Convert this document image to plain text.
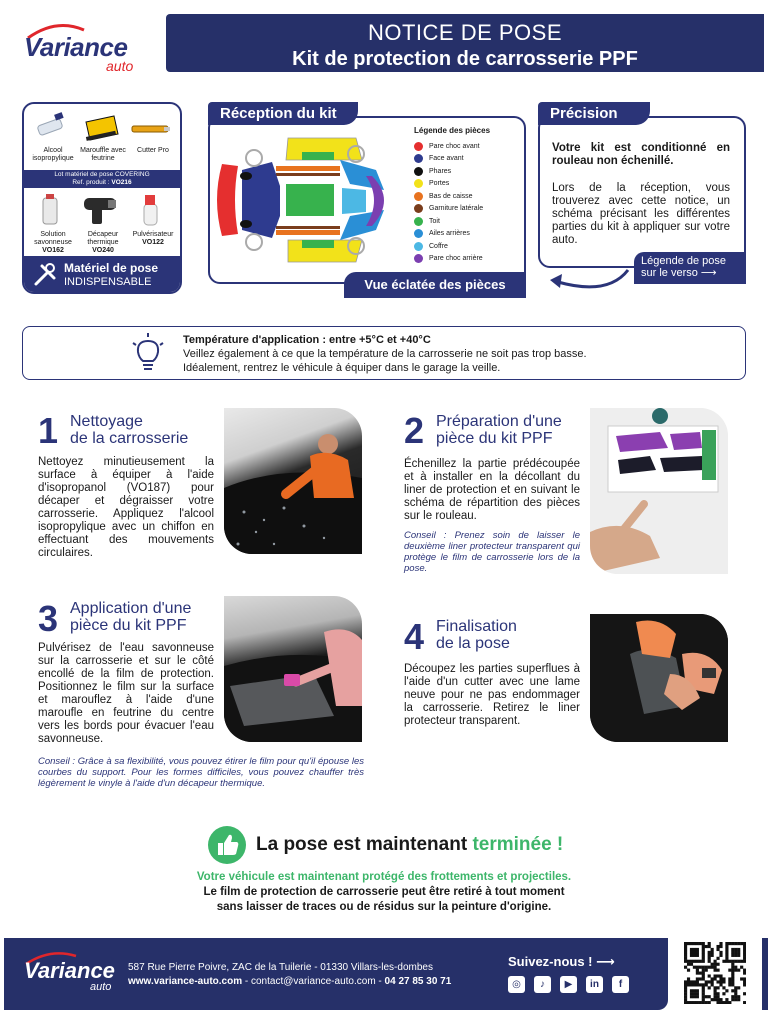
Variance
auto
NOTICE DE POSE
Kit de protection de carrosserie PPF
Alcool isopropylique
Marouffle avec feutrine
Cutter Pro
Lot matériel de pose COVERING
Ref. produit : VO216
Solution savonneuse
VO162
Décapeur thermique
VO240
Pulvérisateur
VO122
Matériel de pose
INDISPENSABLE
Réception du kit
Légende des pièces
Pare choc avant
Face avant
Phares
Portes
Bas de caisse
Garniture latérale
Toit
Ailes arrières
Coffre
Pare choc arrière
Vue éclatée des pièces
Précision
Votre kit est conditionné en rouleau non échenillé.
Lors de la réception, vous trouverez avec cette notice, un schéma précisant les différentes parties du kit à appliquer sur votre auto.
Légende de pose
sur le verso ⟶
Température d'application : entre +5°C et +40°C
Veillez également à ce que la température de la carrosserie ne soit pas trop basse.
Idéalement, rentrez le véhicule à équiper dans le garage la veille.
1 Nettoyage
de la carrosserie
Nettoyez minutieusement la surface à équiper à l'aide d'isopropanol (VO187) pour décaper et dégraisser votre carrosserie. Appliquez l'alcool isopropylique avec un chiffon en effectuant des mouvements circulaires.
2 Préparation d'une
pièce du kit PPF
Échenillez la partie prédécoupée et à installer en la décollant du liner de protection et en suivant le schéma de répartition des pièces sur le rouleau.
Conseil : Prenez soin de laisser le deuxième liner protecteur transparent qui protège le film de carrosserie lors de la pose.
3 Application d'une
pièce du kit PPF
Pulvérisez de l'eau savonneuse sur la carrosserie et sur le côté encollé de la film de protection. Positionnez le film sur la surface et marouflez à l'aide d'une maroufle en feutrine du centre vers les bords pour évacuer l'eau savonneuse.
Conseil : Grâce à sa flexibilité, vous pouvez étirer le film pour qu'il épouse les courbes du support. Pour les formes difficiles, vous pouvez chauffer très légèrement le vinyle à l'aide d'un décapeur thermique.
4 Finalisation
de la pose
Découpez les parties superflues à l'aide d'un cutter avec une lame neuve pour ne pas endommager la carrosserie. Retirez le liner protecteur transparent.
La pose est maintenant terminée !
Votre véhicule est maintenant protégé des frottements et projectiles.
Le film de protection de carrosserie peut être retiré à tout moment
sans laisser de traces ou de résidus sur la peinture d'origine.
Variance
auto
587 Rue Pierre Poivre, ZAC de la Tuilerie - 01330 Villars-les-dombes
www.variance-auto.com - contact@variance-auto.com - 04 27 85 30 71
Suivez-nous ! ⟶
◎	♪	▶	in	f
